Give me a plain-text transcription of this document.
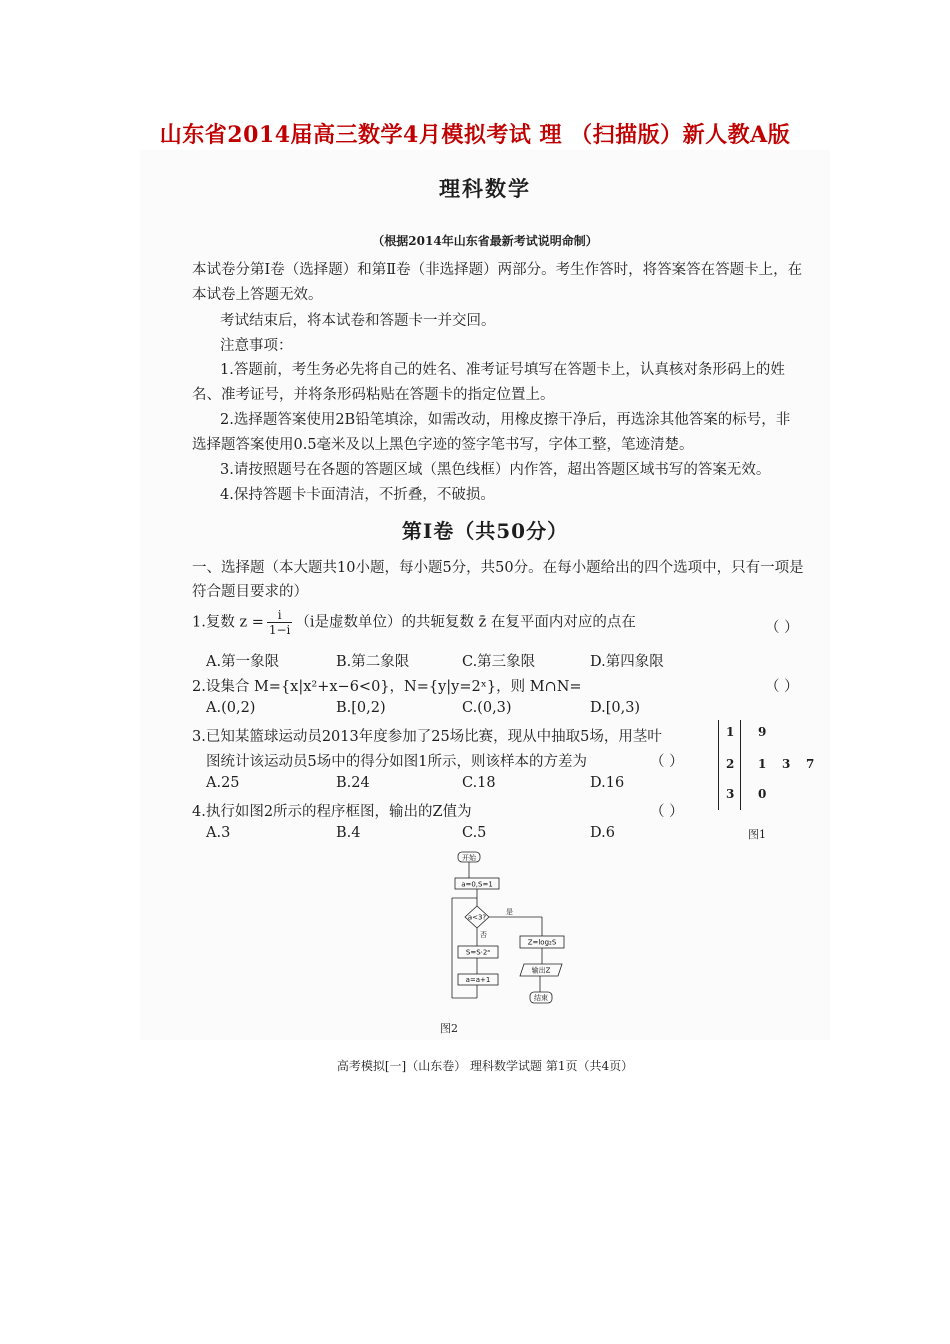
山东省2014届高三数学4月模拟考试 理 （扫描版）新人教A版
理科数学
（根据2014年山东省最新考试说明命制）
本试卷分第Ⅰ卷（选择题）和第Ⅱ卷（非选择题）两部分。考生作答时，将答案答在答题卡上，在
本试卷上答题无效。
考试结束后，将本试卷和答题卡一并交回。
注意事项：
1.答题前，考生务必先将自己的姓名、准考证号填写在答题卡上，认真核对条形码上的姓
名、准考证号，并将条形码粘贴在答题卡的指定位置上。
2.选择题答案使用2B铅笔填涂，如需改动，用橡皮擦干净后，再选涂其他答案的标号，非
选择题答案使用0.5毫米及以上黑色字迹的签字笔书写，字体工整，笔迹清楚。
3.请按照题号在各题的答题区域（黑色线框）内作答，超出答题区域书写的答案无效。
4.保持答题卡卡面清洁，不折叠，不破损。
第Ⅰ卷（共50分）
一、选择题（本大题共10小题，每小题5分，共50分。在每小题给出的四个选项中，只有一项是
符合题目要求的）
1.复数 $z = \frac{i}{1-i} (i$是虚数单位）的共轭复数 z̄ 在复平面内对应的点在	（ ）
A.第一象限	B.第二象限	C.第三象限	D.第四象限
2.设集合 M={x|x²+x−6<0}，N={y|y=2ˣ}，则 M∩N=	（ ）
A.(0,2)	B.[0,2)	C.(0,3)	D.[0,3)
3.已知某篮球运动员2013年度参加了25场比赛，现从中抽取5场，用茎叶
图统计该运动员5场中的得分如图1所示，则该样本的方差为	（ ）
A.25	B.24	C.18	D.16
1 9
2 1 3 7
3 0
图1
4.执行如图2所示的程序框图，输出的Z值为	（ ）
A.3	B.4	C.5	D.6
开始
a=0,S=1
a<3?
是
否
S=S·2ᵃ
a=a+1
Z=log₂S
输出Z
结束
图2
高考模拟[一]（山东卷） 理科数学试题 第1页（共4页）
